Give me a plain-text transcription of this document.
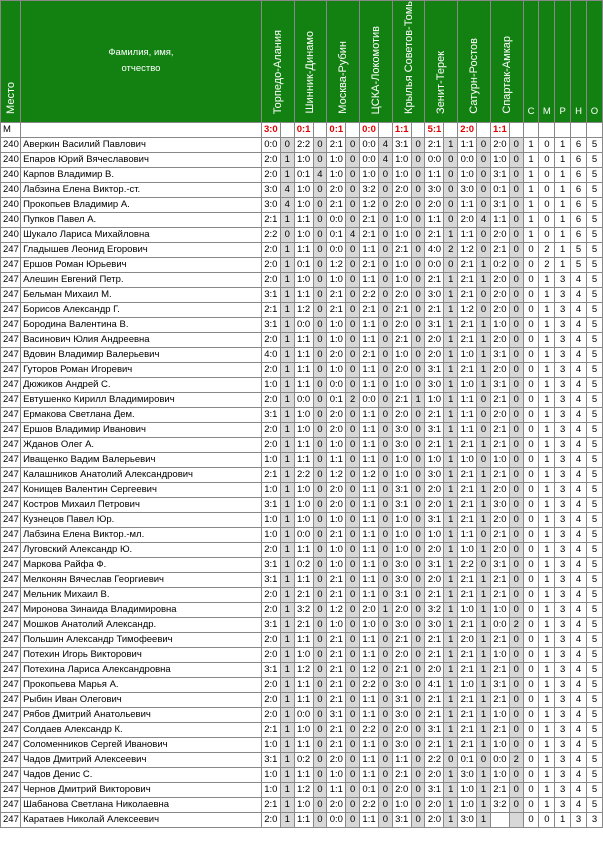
Место	Фамилия, имя,
отчество	Торпедо-Алания		Шинник-Динамо		Москва-Рубин		ЦСКА-Локомотив		Крылья Советов-Томь		Зенит-Терек		Сатурн-Ростов		Спартак-Амкар		С	М	Р	Н	О
М		3:0		0:1		0:1		0:0		1:1		5:1		2:0		1:1						
240	Аверкин Василий Павлович	0:0	0	2:2	0	2:1	0	0:0	4	3:1	0	2:1	1	1:1	0	2:0	0	1	0	1	6	5
240	Епаров Юрий Вячеславович	2:0	1	1:0	0	1:0	0	0:0	4	1:0	0	0:0	0	0:0	0	1:0	0	1	0	1	6	5
240	Карпов Владимир В.	2:0	1	0:1	4	1:0	0	1:0	0	1:0	0	1:1	0	1:0	0	3:1	0	1	0	1	6	5
240	Лабзина Елена Виктор.-ст.	3:0	4	1:0	0	2:0	0	3:2	0	2:0	0	3:0	0	3:0	0	0:1	0	1	0	1	6	5
240	Прокопьев Владимир А.	3:0	4	1:0	0	2:1	0	1:2	0	2:0	0	2:0	0	1:1	0	3:1	0	1	0	1	6	5
240	Пупков Павел А.	2:1	1	1:1	0	0:0	0	2:1	0	1:0	0	1:1	0	2:0	4	1:1	0	1	0	1	6	5
240	Шукало Лариса Михайловна	2:2	0	1:0	0	0:1	4	2:1	0	1:0	0	2:1	1	1:1	0	2:0	0	1	0	1	6	5
247	Гладышев Леонид Егорович	2:0	1	1:1	0	0:0	0	1:1	0	2:1	0	4:0	2	1:2	0	2:1	0	0	2	1	5	5
247	Ершов Роман Юрьевич	2:0	1	0:1	0	1:2	0	2:1	0	1:0	0	0:0	0	2:1	1	0:2	0	0	2	1	5	5
247	Алешин Евгений Петр.	2:0	1	1:0	0	1:0	0	1:1	0	1:0	0	2:1	1	2:1	1	2:0	0	0	1	3	4	5
247	Бельман Михаил М.	3:1	1	1:1	0	2:1	0	2:2	0	2:0	0	3:0	1	2:1	0	2:0	0	0	1	3	4	5
247	Борисов Александр Г.	2:1	1	1:2	0	2:1	0	2:1	0	2:1	0	2:1	1	1:2	0	2:0	0	0	1	3	4	5
247	Бородина Валентина В.	3:1	1	0:0	0	1:0	0	1:1	0	2:0	0	3:1	1	2:1	1	1:0	0	0	1	3	4	5
247	Васинович Юлия Андреевна	2:0	1	1:1	0	1:0	0	1:1	0	2:1	0	2:0	1	2:1	1	2:0	0	0	1	3	4	5
247	Вдовин Владимир Валерьевич	4:0	1	1:1	0	2:0	0	2:1	0	1:0	0	2:0	1	1:0	1	3:1	0	0	1	3	4	5
247	Гуторов Роман Игоревич	2:0	1	1:1	0	1:0	0	1:1	0	2:0	0	3:1	1	2:1	1	2:0	0	0	1	3	4	5
247	Дюжиков Андрей С.	1:0	1	1:1	0	0:0	0	1:1	0	1:0	0	3:0	1	1:0	1	3:1	0	0	1	3	4	5
247	Евтушенко Кирилл Владимирович	2:0	1	0:0	0	0:1	2	0:0	0	2:1	1	1:0	1	1:1	0	2:1	0	0	1	3	4	5
247	Ермакова Светлана Дем.	3:1	1	1:0	0	2:0	0	1:1	0	2:0	0	2:1	1	1:1	0	2:0	0	0	1	3	4	5
247	Ершов Владимир Иванович	2:0	1	1:0	0	2:0	0	1:1	0	3:0	0	3:1	1	1:1	0	2:1	0	0	1	3	4	5
247	Жданов Олег А.	2:0	1	1:1	0	1:0	0	1:1	0	3:0	0	2:1	1	2:1	1	2:1	0	0	1	3	4	5
247	Иващенко Вадим Валерьевич	1:0	1	1:1	0	1:1	0	1:1	0	1:0	0	1:0	1	1:0	0	1:0	0	0	1	3	4	5
247	Калашников Анатолий Александрович	2:1	1	2:2	0	1:2	0	1:2	0	1:0	0	3:0	1	2:1	1	2:1	0	0	1	3	4	5
247	Конищев Валентин Сергеевич	1:0	1	1:0	0	2:0	0	1:1	0	3:1	0	2:0	1	2:1	1	2:0	0	0	1	3	4	5
247	Костров Михаил Петрович	3:1	1	1:0	0	2:0	0	1:1	0	3:1	0	2:0	1	2:1	1	3:0	0	0	1	3	4	5
247	Кузнецов Павел Юр.	1:0	1	1:0	0	1:0	0	1:1	0	1:0	0	3:1	1	2:1	1	2:0	0	0	1	3	4	5
247	Лабзина Елена Виктор.-мл.	1:0	1	0:0	0	2:1	0	1:1	0	1:0	0	1:0	1	1:1	0	2:1	0	0	1	3	4	5
247	Луговский Александр Ю.	2:0	1	1:1	0	1:0	0	1:1	0	1:0	0	2:0	1	1:0	1	2:0	0	0	1	3	4	5
247	Маркова Райфа Ф.	3:1	1	0:2	0	1:0	0	1:1	0	3:0	0	3:1	1	2:2	0	3:1	0	0	1	3	4	5
247	Мелконян Вячеслав Георгиевич	3:1	1	1:1	0	2:1	0	1:1	0	3:0	0	2:0	1	2:1	1	2:1	0	0	1	3	4	5
247	Мельник Михаил В.	2:0	1	2:1	0	2:1	0	1:1	0	3:1	0	2:1	1	2:1	1	2:1	0	0	1	3	4	5
247	Миронова Зинаида Владимировна	2:0	1	3:2	0	1:2	0	2:0	1	2:0	0	3:2	1	1:0	1	1:0	0	0	1	3	4	5
247	Мошков Анатолий Александр.	3:1	1	2:1	0	1:0	0	1:0	0	3:0	0	3:0	1	2:1	1	0:0	2	0	1	3	4	5
247	Польшин Александр Тимофеевич	2:0	1	1:1	0	2:1	0	1:1	0	2:1	0	2:1	1	2:0	1	2:1	0	0	1	3	4	5
247	Потехин Игорь Викторович	2:0	1	1:0	0	2:1	0	1:1	0	2:0	0	2:1	1	2:1	1	1:0	0	0	1	3	4	5
247	Потехина Лариса Александровна	3:1	1	1:2	0	2:1	0	1:2	0	2:1	0	2:0	1	2:1	1	2:1	0	0	1	3	4	5
247	Прокопьева Марья А.	2:0	1	1:1	0	2:1	0	2:2	0	3:0	0	4:1	1	1:0	1	3:1	0	0	1	3	4	5
247	Рыбин Иван Олегович	2:0	1	1:1	0	2:1	0	1:1	0	3:1	0	2:1	1	2:1	1	2:1	0	0	1	3	4	5
247	Рябов Дмитрий Анатольевич	2:0	1	0:0	0	3:1	0	1:1	0	3:0	0	2:1	1	2:1	1	1:0	0	0	1	3	4	5
247	Солдаев Александр К.	2:1	1	1:0	0	2:1	0	2:2	0	2:0	0	3:1	1	2:1	1	2:1	0	0	1	3	4	5
247	Соломенников Сергей Иванович	1:0	1	1:1	0	2:1	0	1:1	0	3:0	0	2:1	1	2:1	1	1:0	0	0	1	3	4	5
247	Чадов Дмитрий Алексеевич	3:1	1	0:2	0	2:0	0	1:1	0	1:1	0	2:2	0	0:1	0	0:0	2	0	1	3	4	5
247	Чадов Денис С.	1:0	1	1:1	0	1:0	0	1:1	0	2:1	0	2:0	1	3:0	1	1:0	0	0	1	3	4	5
247	Чернов Дмитрий Викторович	1:0	1	1:2	0	1:1	0	0:1	0	2:0	0	3:1	1	1:0	1	2:1	0	0	1	3	4	5
247	Шабанова Светлана Николаевна	2:1	1	1:0	0	2:0	0	2:2	0	1:0	0	2:0	1	1:0	1	3:2	0	0	1	3	4	5
247	Каратаев Николай Алексеевич	2:0	1	1:1	0	0:0	0	1:1	0	3:1	0	2:0	1	3:0	1			0	0	1	3	3
